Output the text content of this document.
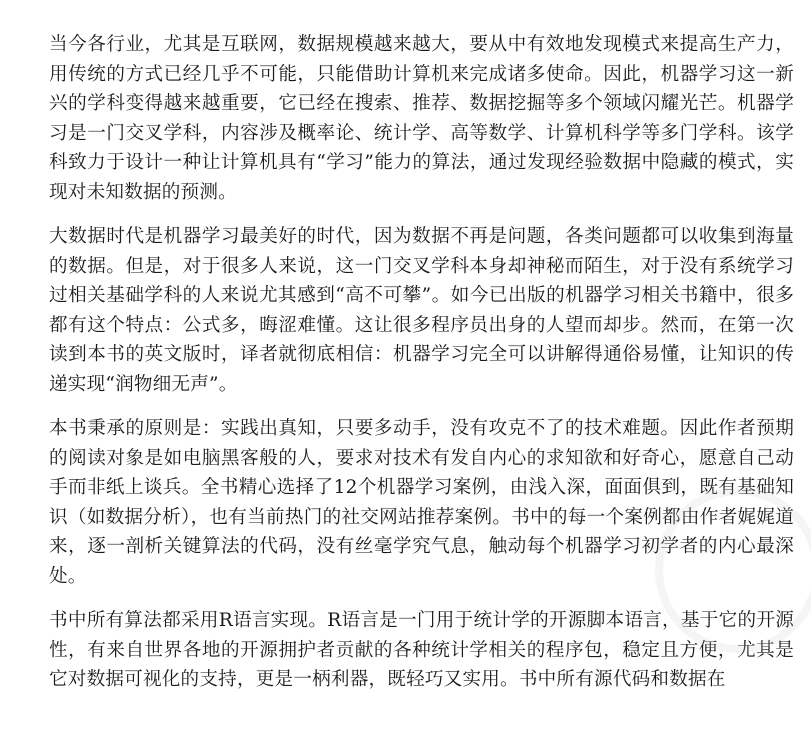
当今各行业，尤其是互联网，数据规模越来越大，要从中有效地发现模式来提高生产力，用传统的方式已经几乎不可能，只能借助计算机来完成诸多使命。因此，机器学习这一新兴的学科变得越来越重要，它已经在搜索、推荐、数据挖掘等多个领域闪耀光芒。机器学习是一门交叉学科，内容涉及概率论、统计学、高等数学、计算机科学等多门学科。该学科致力于设计一种让计算机具有“学习”能力的算法，通过发现经验数据中隐藏的模式，实现对未知数据的预测。

大数据时代是机器学习最美好的时代，因为数据不再是问题，各类问题都可以收集到海量的数据。但是，对于很多人来说，这一门交叉学科本身却神秘而陌生，对于没有系统学习过相关基础学科的人来说尤其感到“高不可攀”。如今已出版的机器学习相关书籍中，很多都有这个特点：公式多，晦涩难懂。这让很多程序员出身的人望而却步。然而，在第一次读到本书的英文版时，译者就彻底相信：机器学习完全可以讲解得通俗易懂，让知识的传递实现“润物细无声”。

本书秉承的原则是：实践出真知，只要多动手，没有攻克不了的技术难题。因此作者预期的阅读对象是如电脑黑客般的人，要求对技术有发自内心的求知欲和好奇心，愿意自己动手而非纸上谈兵。全书精心选择了12个机器学习案例，由浅入深，面面俱到，既有基础知识（如数据分析），也有当前热门的社交网站推荐案例。书中的每一个案例都由作者娓娓道来，逐一剖析关键算法的代码，没有丝毫学究气息，触动每个机器学习初学者的内心最深处。

书中所有算法都采用R语言实现。R语言是一门用于统计学的开源脚本语言，基于它的开源性，有来自世界各地的开源拥护者贡献的各种统计学相关的程序包，稳定且方便，尤其是它对数据可视化的支持，更是一柄利器，既轻巧又实用。书中所有源代码和数据在
